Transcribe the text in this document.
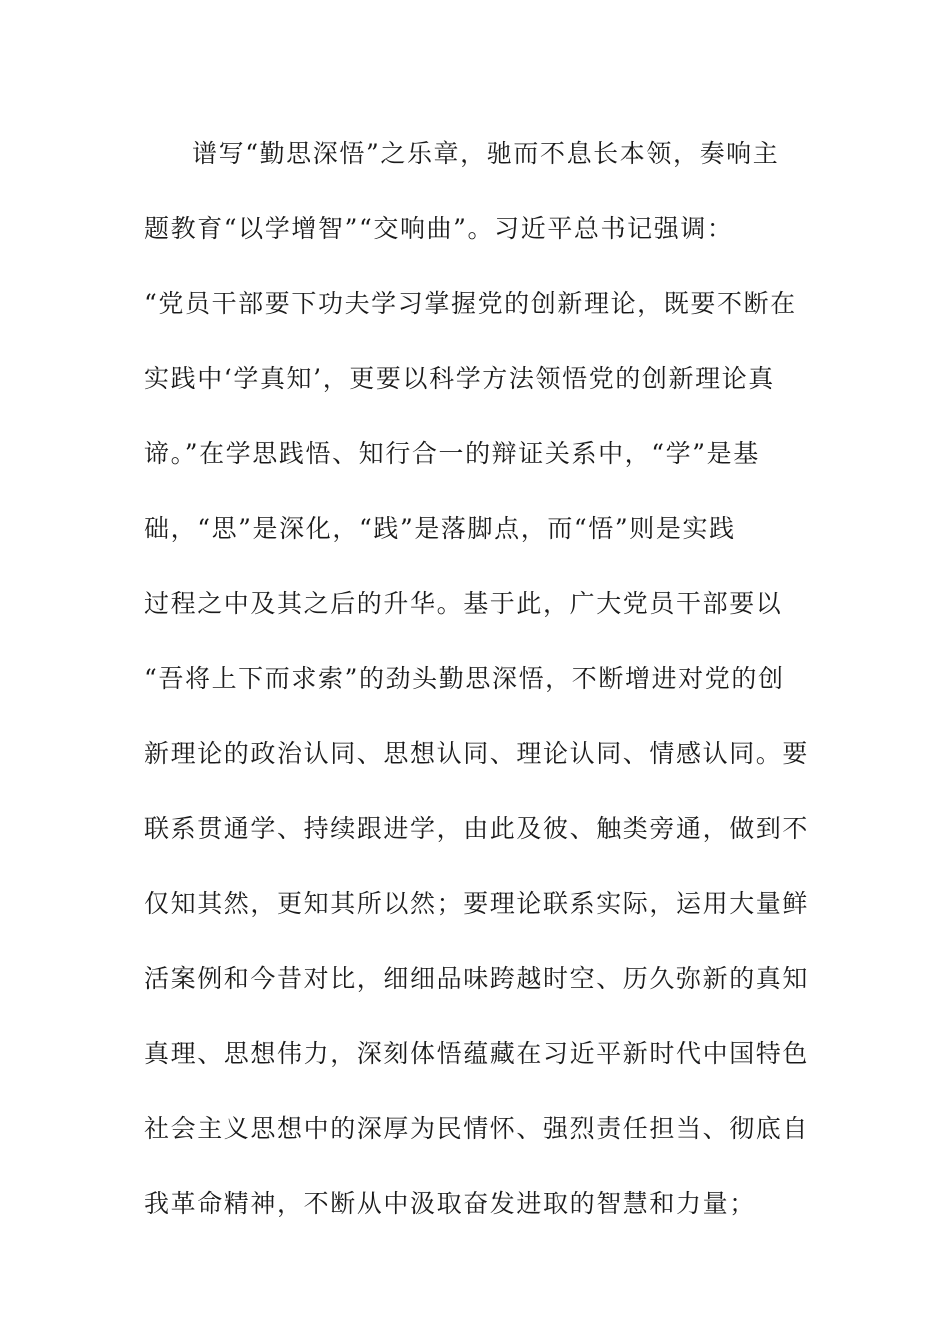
谱写“勤思深悟”之乐章，驰而不息长本领，奏响主
题教育“以学增智”“交响曲”。习近平总书记强调：
“党员干部要下功夫学习掌握党的创新理论，既要不断在
实践中‘学真知’，更要以科学方法领悟党的创新理论真
谛。”在学思践悟、知行合一的辩证关系中，“学”是基
础，“思”是深化，“践”是落脚点，而“悟”则是实践
过程之中及其之后的升华。基于此，广大党员干部要以
“吾将上下而求索”的劲头勤思深悟，不断增进对党的创
新理论的政治认同、思想认同、理论认同、情感认同。要
联系贯通学、持续跟进学，由此及彼、触类旁通，做到不
仅知其然，更知其所以然；要理论联系实际，运用大量鲜
活案例和今昔对比，细细品味跨越时空、历久弥新的真知
真理、思想伟力，深刻体悟蕴藏在习近平新时代中国特色
社会主义思想中的深厚为民情怀、强烈责任担当、彻底自
我革命精神，不断从中汲取奋发进取的智慧和力量；
